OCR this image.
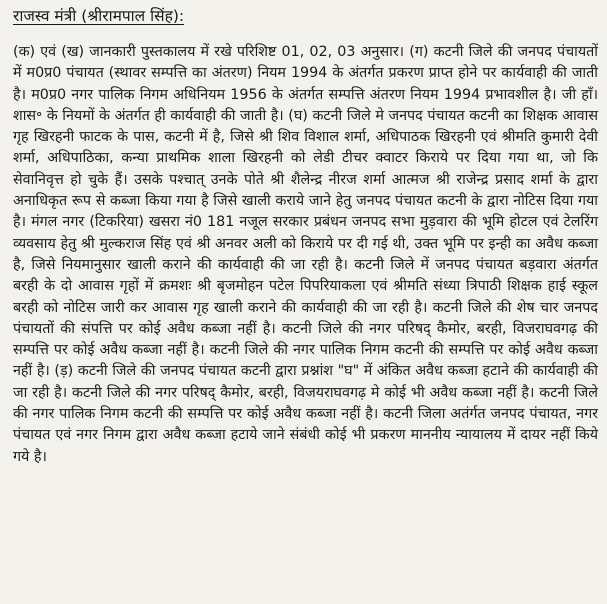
राजस्व मंत्री (श्रीरामपाल सिंह):

(क) एवं (ख) जानकारी पुस्तकालय में रखे परिशिष्ट 01, 02, 03 अनुसार। (ग) कटनी जिले की जनपद पंचायतों में म0प्र0 पंचायत (स्थावर सम्पत्ति का अंतरण) नियम 1994 के अंतर्गत प्रकरण प्राप्त होने पर कार्यवाही की जाती है। म0प्र0 नगर पालिक निगम अधिनियम 1956 के अंतर्गत सम्पत्ति अंतरण नियम 1994 प्रभावशील है। जी हॉं। शास॰ के नियमों के अंतर्गत ही कार्यवाही की जाती है। (घ) कटनी जिले मे जनपद पंचायत कटनी का शिक्षक आवास गृह खिरहनी फाटक के पास, कटनी में है, जिसे श्री शिव विशाल शर्मा, अधिपाठक खिरहनी एवं श्रीमति कुमारी देवी शर्मा, अधिपाठिका, कन्या प्राथमिक शाला खिरहनी को लेडी टीचर क्वाटर किराये पर दिया गया था, जो कि सेवानिवृत्त हो चुके हैं। उसके पश्चात् उनके पोते श्री शैलेन्द्र नीरज शर्मा आत्मज श्री राजेन्द्र प्रसाद शर्मा के द्वारा अनाधिकृत रूप से कब्जा किया गया है जिसे खाली कराये जाने हेतु जनपद पंचायत कटनी के द्वारा नोटिस दिया गया है। मंगल नगर (टिकरिया) खसरा नं0 181 नजूल सरकार प्रबंधन जनपद सभा मुड़वारा की भूमि होटल एवं टेलरिंग व्यवसाय हेतु श्री मुल्कराज सिंह एवं श्री अनवर अली को किराये पर दी गई थी, उक्त भूमि पर इन्ही का अवैध कब्जा है, जिसे नियमानुसार खाली कराने की कार्यवाही की जा रही है। कटनी जिले में जनपद पंचायत बड़वारा अंतर्गत बरही के दो आवास गृहों में क्रमशः श्री बृजमोहन पटेल पिपरियाकला एवं श्रीमति संध्या त्रिपाठी शिक्षक हाई स्कूल बरही को नोटिस जारी कर आवास गृह खाली कराने की कार्यवाही की जा रही है। कटनी जिले की शेष चार जनपद पंचायतों की संपत्ति पर कोई अवैध कब्जा नहीं है। कटनी जिले की नगर परिषद् कैमोर, बरही, विजराघवगढ़ की सम्पत्ति पर कोई अवैध कब्जा नहीं है। कटनी जिले की नगर पालिक निगम कटनी की सम्पत्ति पर कोई अवैध कब्जा नहीं है। (ड़) कटनी जिले की जनपद पंचायत कटनी द्वारा प्रश्नांश "घ" में अंकित अवैध कब्जा हटाने की कार्यवाही की जा रही है। कटनी जिले की नगर परिषद् कैमोर, बरही, विजयराघवगढ़ मे कोई भी अवैध कब्जा नहीं है। कटनी जिले की नगर पालिक निगम कटनी की सम्पत्ति पर कोई अवैध कब्जा नहीं है। कटनी जिला अतंर्गत जनपद पंचायत, नगर पंचायत एवं नगर निगम द्वारा अवैध कब्जा हटाये जाने संबंधी कोई भी प्रकरण माननीय न्यायालय में दायर नहीं किये गये है।
